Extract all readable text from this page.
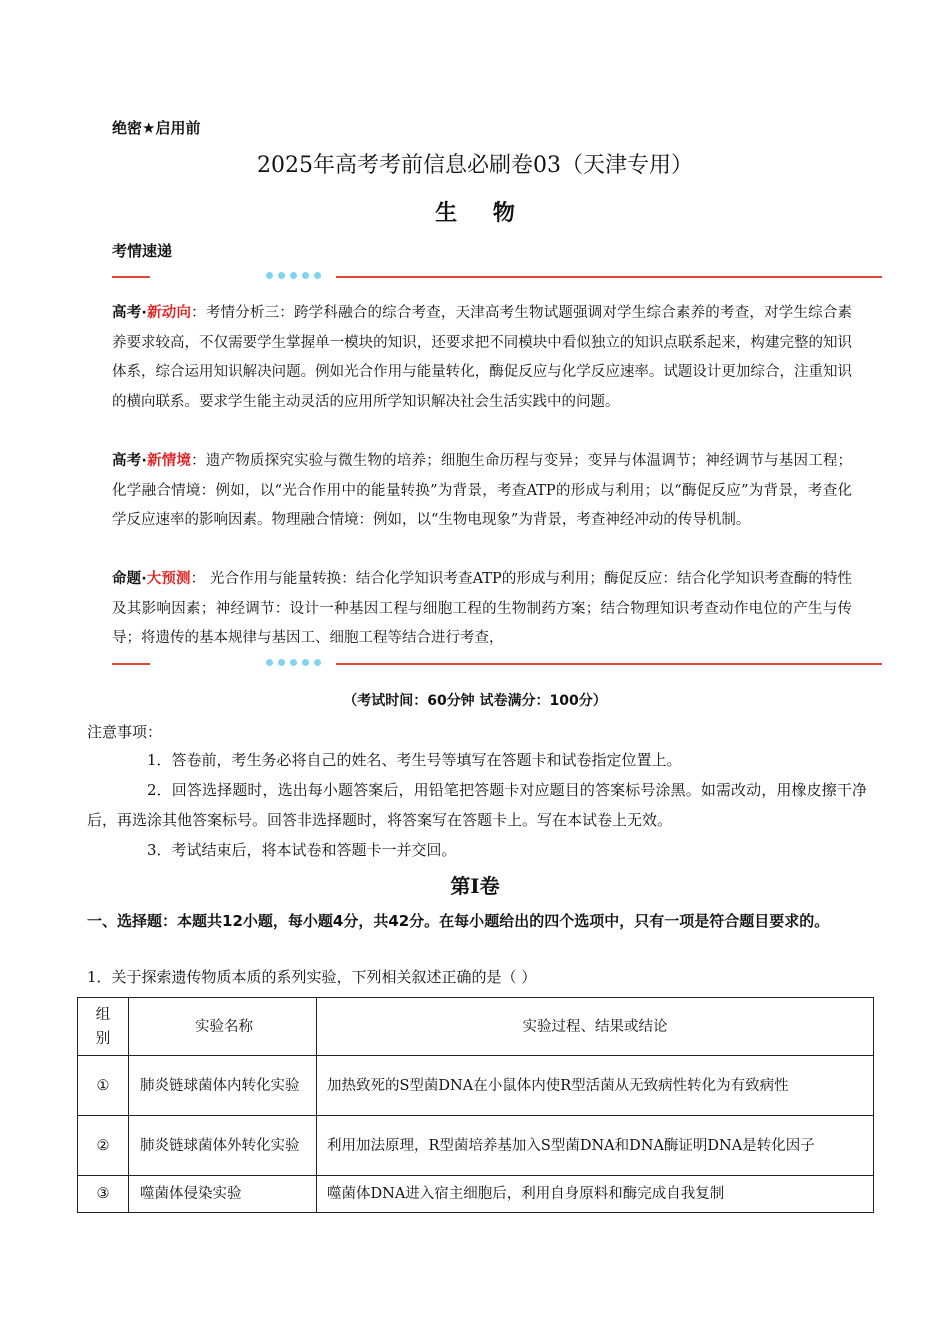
绝密★启用前
2025年高考考前信息必刷卷03（天津专用）
生 物
考情速递
高考·新动向：考情分析三：跨学科融合的综合考查，天津高考生物试题强调对学生综合素养的考查，对学生综合素养要求较高，不仅需要学生掌握单一模块的知识，还要求把不同模块中看似独立的知识点联系起来，构建完整的知识体系，综合运用知识解决问题。例如光合作用与能量转化，酶促反应与化学反应速率。试题设计更加综合，注重知识的横向联系。要求学生能主动灵活的应用所学知识解决社会生活实践中的问题。
高考·新情境：遗产物质探究实验与微生物的培养；细胞生命历程与变异；变异与体温调节；神经调节与基因工程；化学融合情境：例如，以“光合作用中的能量转换”为背景，考查ATP的形成与利用；以“酶促反应”为背景，考查化学反应速率的影响因素。物理融合情境：例如，以“生物电现象”为背景，考查神经冲动的传导机制。
命题·大预测： 光合作用与能量转换：结合化学知识考查ATP的形成与利用；酶促反应：结合化学知识考查酶的特性及其影响因素；神经调节：设计一种基因工程与细胞工程的生物制药方案；结合物理知识考查动作电位的产生与传导；将遗传的基本规律与基因工、细胞工程等结合进行考查，
（考试时间：60分钟 试卷满分：100分）
注意事项：
1．答卷前，考生务必将自己的姓名、考生号等填写在答题卡和试卷指定位置上。
2．回答选择题时，选出每小题答案后，用铅笔把答题卡对应题目的答案标号涂黑。如需改动，用橡皮擦干净后，再选涂其他答案标号。回答非选择题时，将答案写在答题卡上。写在本试卷上无效。
3．考试结束后，将本试卷和答题卡一并交回。
第Ⅰ卷
一、选择题：本题共12小题，每小题4分，共42分。在每小题给出的四个选项中，只有一项是符合题目要求的。
1．关于探索遗传物质本质的系列实验，下列相关叙述正确的是（ ）
组别	实验名称	实验过程、结果或结论
①	肺炎链球菌体内转化实验	加热致死的S型菌DNA在小鼠体内使R型活菌从无致病性转化为有致病性
②	肺炎链球菌体外转化实验	利用加法原理，R型菌培养基加入S型菌DNA和DNA酶证明DNA是转化因子
③	噬菌体侵染实验	噬菌体DNA进入宿主细胞后，利用自身原料和酶完成自我复制
